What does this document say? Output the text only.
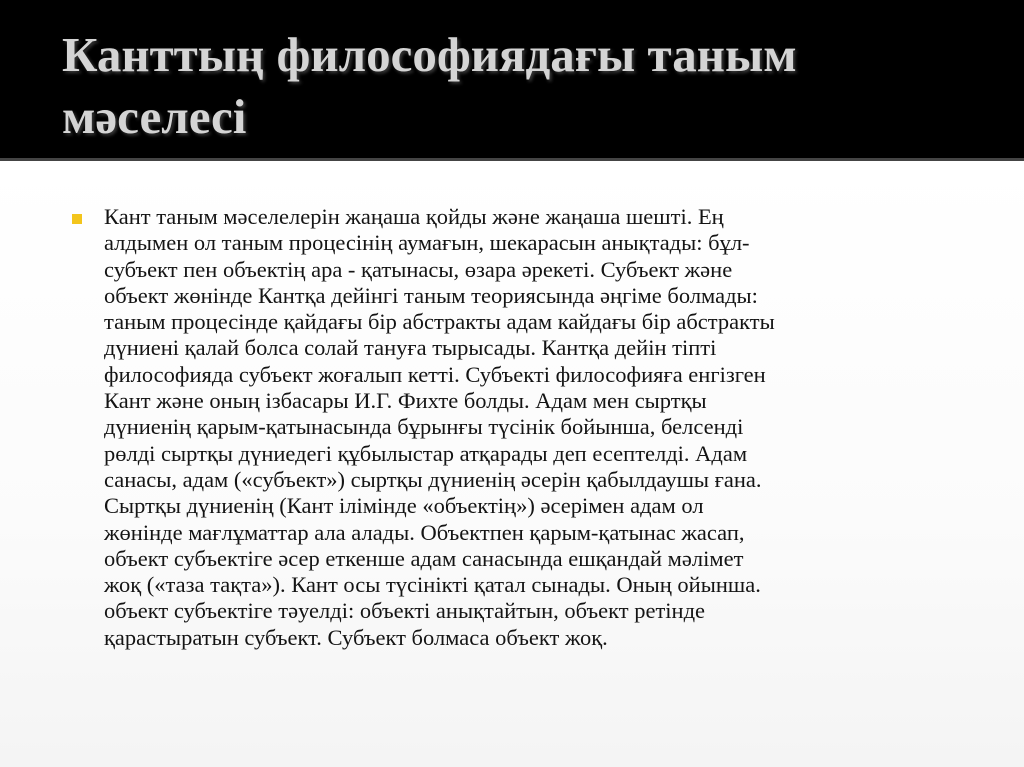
Канттың философиядағы таным
мәселесі

Кант таным мәселелерін жаңаша қойды және жаңаша шешті. Ең
алдымен ол таным процесінің аумағын, шекарасын анықтады: бұл-
субъект пен объектің ара - қатынасы, өзара әрекеті. Субъект және
объект жөнінде Кантқа дейінгі таным теориясында әңгіме болмады:
таным процесінде қайдағы бір абстракты адам кайдағы бір абстракты
дүниені қалай болса солай тануға тырысады. Кантқа дейін тіпті
философияда субъект жоғалып кетті. Субъекті философияға енгізген
Кант және оның ізбасары И.Г. Фихте болды. Адам мен сыртқы
дүниенің қарым-қатынасында бұрынғы түсінік бойынша, белсенді
рөлді сыртқы дүниедегі құбылыстар атқарады деп есептелді. Адам
санасы, адам («субъект») сыртқы дүниенің әсерін қабылдаушы ғана.
Сыртқы дүниенің (Кант ілімінде «объектің») әсерімен адам ол
жөнінде мағлұматтар ала алады. Объектпен қарым-қатынас жасап,
объект субъектіге әсер еткенше адам санасында ешқандай мәлімет
жоқ («таза тақта»). Кант осы түсінікті қатал сынады. Оның ойынша.
объект субъектіге тәуелді: объекті анықтайтын, объект ретінде
қарастыратын субъект. Субъект болмаса объект жоқ.
